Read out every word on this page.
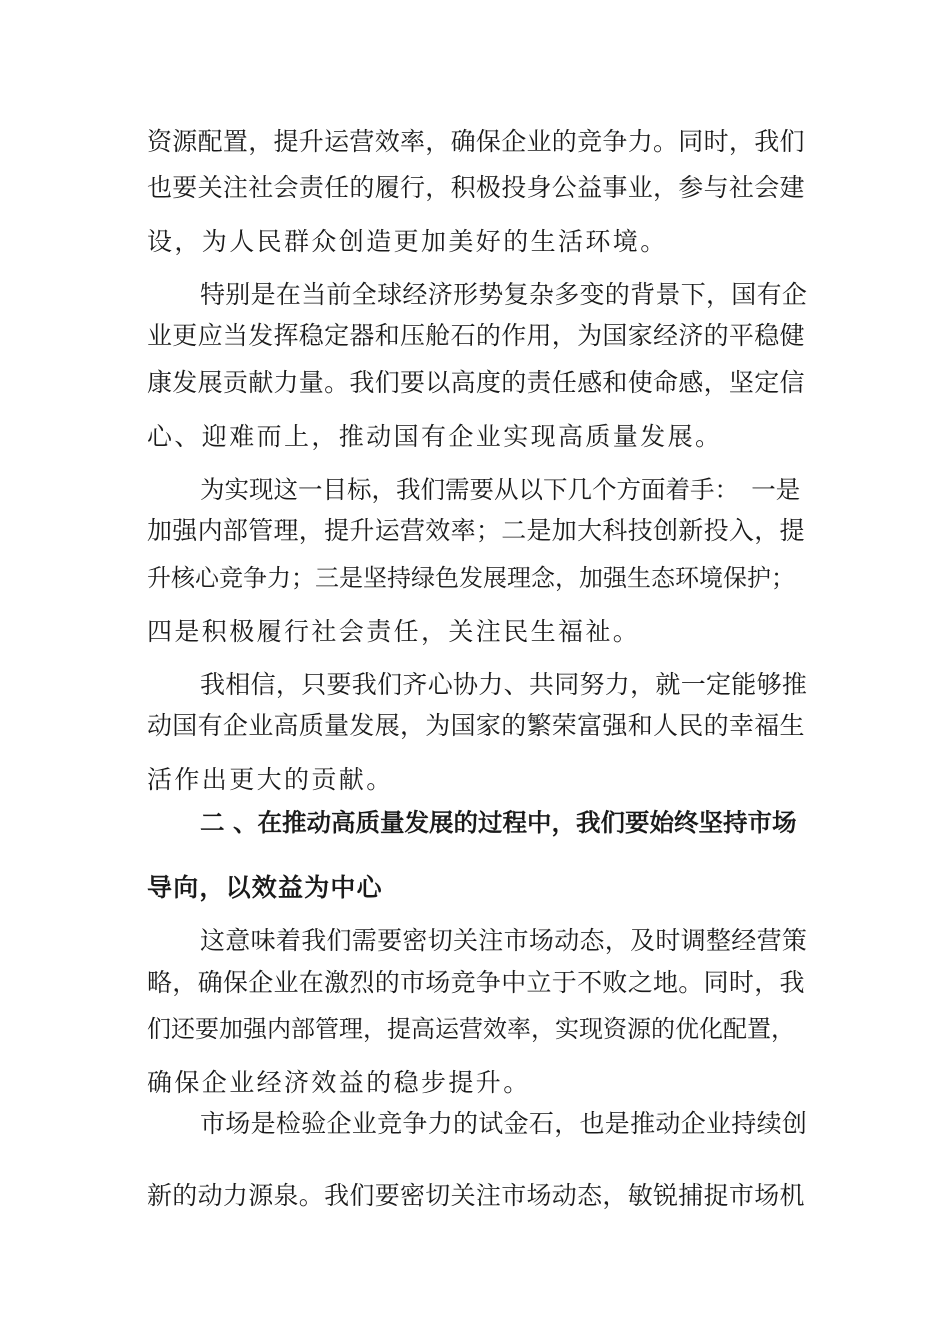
资源配置，提升运营效率，确保企业的竞争力。同时，我们
也要关注社会责任的履行，积极投身公益事业，参与社会建
设，为人民群众创造更加美好的生活环境。
特别是在当前全球经济形势复杂多变的背景下，国有企
业更应当发挥稳定器和压舱石的作用，为国家经济的平稳健
康发展贡献力量。我们要以高度的责任感和使命感，坚定信
心、迎难而上，推动国有企业实现高质量发展。
为实现这一目标，我们需要从以下几个方面着手：　一是
加强内部管理，提升运营效率；二是加大科技创新投入，提
升核心竞争力；三是坚持绿色发展理念，加强生态环境保护；
四是积极履行社会责任，关注民生福祉。
我相信，只要我们齐心协力、共同努力，就一定能够推
动国有企业高质量发展，为国家的繁荣富强和人民的幸福生
活作出更大的贡献。
二 、在推动高质量发展的过程中，我们要始终坚持市场
导向，以效益为中心
这意味着我们需要密切关注市场动态，及时调整经营策
略，确保企业在激烈的市场竞争中立于不败之地。同时，我
们还要加强内部管理，提高运营效率，实现资源的优化配置，
确保企业经济效益的稳步提升。
市场是检验企业竞争力的试金石，也是推动企业持续创
新的动力源泉。我们要密切关注市场动态，敏锐捕捉市场机
